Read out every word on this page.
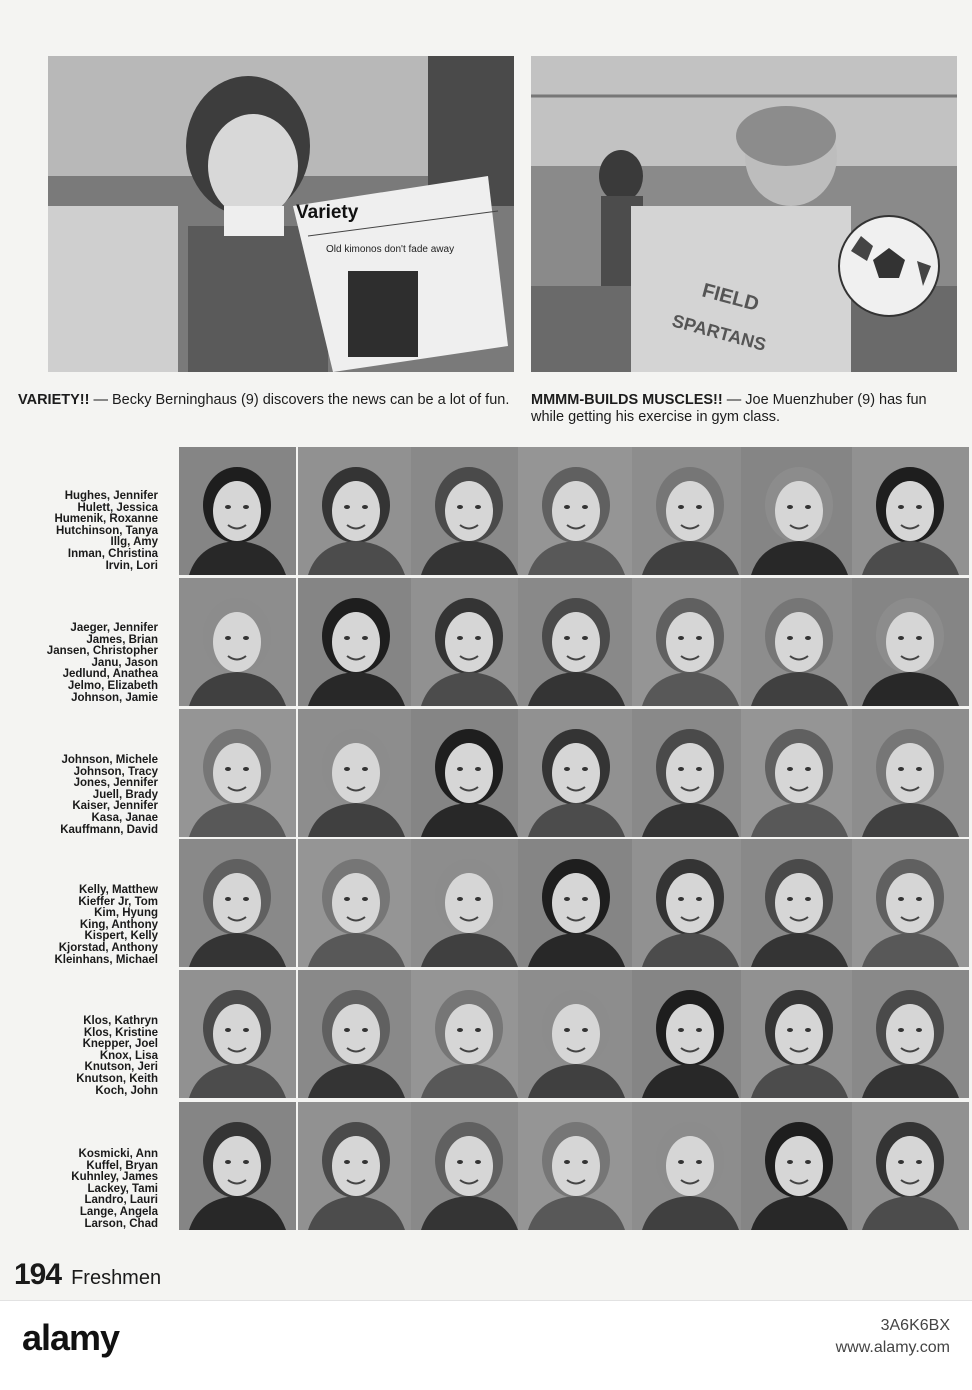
Variety
Old kimonos don't fade away
FIELD
SPARTANS
VARIETY!! — Becky Berninghaus (9) discovers the news can be a lot of fun. MMMM-BUILDS MUSCLES!! — Joe Muenzhuber (9) has fun while getting his exercise in gym class.
Hughes, Jennifer
Hulett, Jessica
Humenik, Roxanne
Hutchinson, Tanya
Illg, Amy
Inman, Christina
Irvin, Lori
Jaeger, Jennifer
James, Brian
Jansen, Christopher
Janu, Jason
Jedlund, Anathea
Jelmo, Elizabeth
Johnson, Jamie
Johnson, Michele
Johnson, Tracy
Jones, Jennifer
Juell, Brady
Kaiser, Jennifer
Kasa, Janae
Kauffmann, David
Kelly, Matthew
Kieffer Jr, Tom
Kim, Hyung
King, Anthony
Kispert, Kelly
Kjorstad, Anthony
Kleinhans, Michael
Klos, Kathryn
Klos, Kristine
Knepper, Joel
Knox, Lisa
Knutson, Jeri
Knutson, Keith
Koch, John
Kosmicki, Ann
Kuffel, Bryan
Kuhnley, James
Lackey, Tami
Landro, Lauri
Lange, Angela
Larson, Chad
194 Freshmen
alamy	3A6K6BX
www.alamy.com
